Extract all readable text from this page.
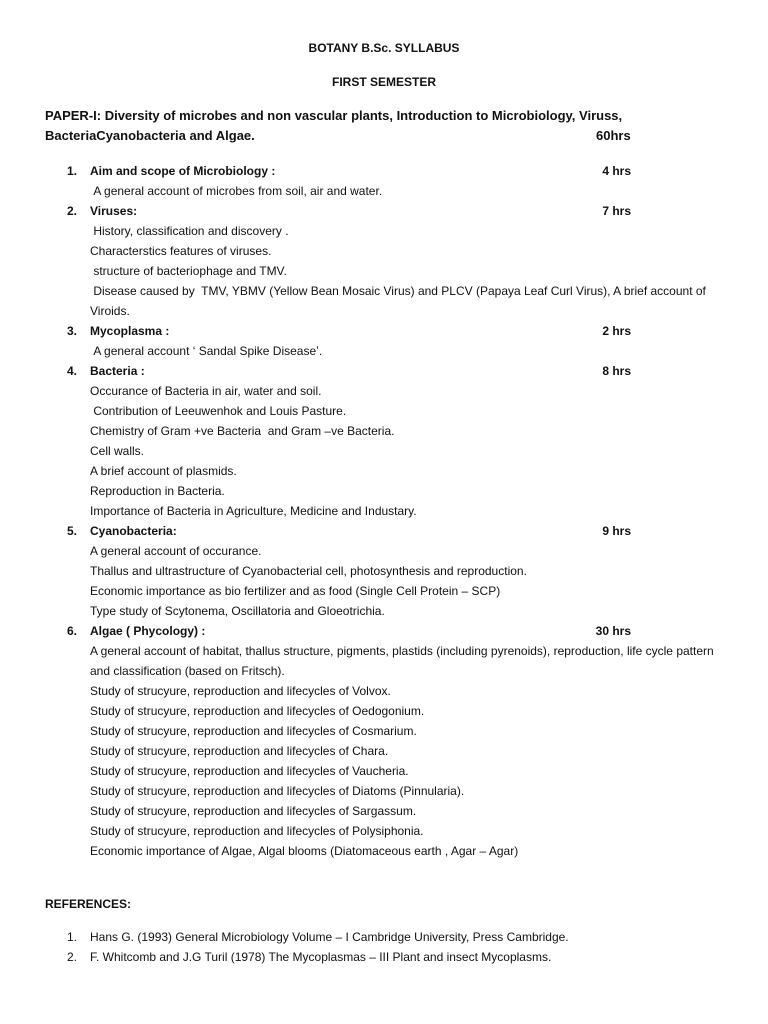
BOTANY B.Sc. SYLLABUS
FIRST SEMESTER
PAPER-I: Diversity of microbes and non vascular plants, Introduction to Microbiology, Viruss, BacteriaCyanobacteria and Algae.	60hrs
1.	Aim and scope of Microbiology :	4 hrs
A general account of microbes from soil, air and water.
2.	Viruses:	7 hrs
History, classification and discovery .
Characterstics features of viruses.
structure of bacteriophage and TMV.
Disease caused by  TMV, YBMV (Yellow Bean Mosaic Virus) and PLCV (Papaya Leaf Curl Virus), A brief account of Viroids.
3.	Mycoplasma :	2 hrs
A general account ‘ Sandal Spike Disease’.
4.	Bacteria :	8 hrs
Occurance of Bacteria in air, water and soil.
Contribution of Leeuwenhok and Louis Pasture.
Chemistry of Gram +ve Bacteria  and Gram –ve Bacteria.
Cell walls.
A brief account of plasmids.
Reproduction in Bacteria.
Importance of Bacteria in Agriculture, Medicine and Industary.
5.	Cyanobacteria:	9 hrs
A general account of occurance.
Thallus and ultrastructure of Cyanobacterial cell, photosynthesis and reproduction.
Economic importance as bio fertilizer and as food (Single Cell Protein – SCP)
Type study of Scytonema, Oscillatoria and Gloeotrichia.
6.	Algae ( Phycology) :	30 hrs
A general account of habitat, thallus structure, pigments, plastids (including pyrenoids), reproduction, life cycle pattern and classification (based on Fritsch).
Study of strucyure, reproduction and lifecycles of Volvox.
Study of strucyure, reproduction and lifecycles of Oedogonium.
Study of strucyure, reproduction and lifecycles of Cosmarium.
Study of strucyure, reproduction and lifecycles of Chara.
Study of strucyure, reproduction and lifecycles of Vaucheria.
Study of strucyure, reproduction and lifecycles of Diatoms (Pinnularia).
Study of strucyure, reproduction and lifecycles of Sargassum.
Study of strucyure, reproduction and lifecycles of Polysiphonia.
Economic importance of Algae, Algal blooms (Diatomaceous earth , Agar – Agar)
REFERENCES:
1. Hans G. (1993) General Microbiology Volume – I Cambridge University, Press Cambridge.
2. F. Whitcomb and J.G Turil (1978) The Mycoplasmas – III Plant and insect Mycoplasms.
